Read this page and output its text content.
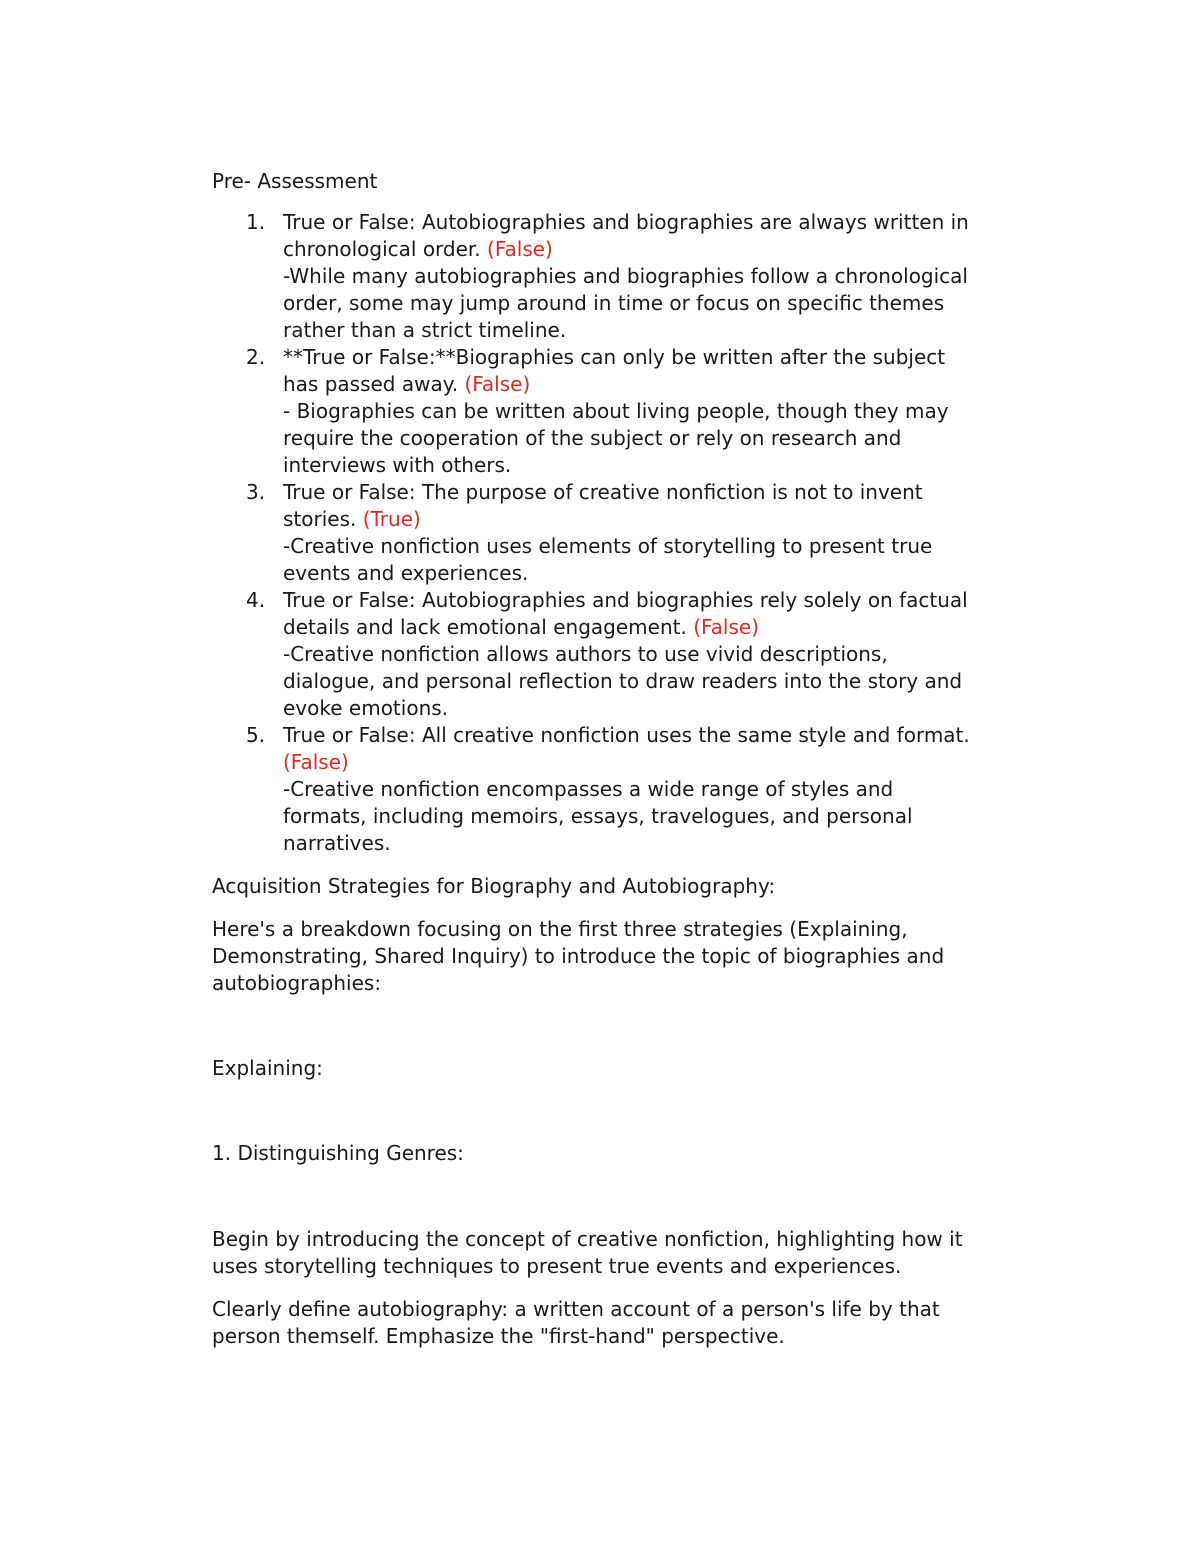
Pre- Assessment

1. True or False: Autobiographies and biographies are always written in

chronological order. (False)

-While many autobiographies and biographies follow a chronological

order, some may jump around in time or focus on specific themes

rather than a strict timeline.

2. **True or False:**Biographies can only be written after the subject

has passed away. (False)

- Biographies can be written about living people, though they may

require the cooperation of the subject or rely on research and

interviews with others.

3. True or False: The purpose of creative nonfiction is not to invent

stories. (True)

-Creative nonfiction uses elements of storytelling to present true

events and experiences.

4. True or False: Autobiographies and biographies rely solely on factual

details and lack emotional engagement. (False)

-Creative nonfiction allows authors to use vivid descriptions,

dialogue, and personal reflection to draw readers into the story and

evoke emotions.

5. True or False: All creative nonfiction uses the same style and format.

(False)

-Creative nonfiction encompasses a wide range of styles and

formats, including memoirs, essays, travelogues, and personal

narratives.

Acquisition Strategies for Biography and Autobiography:

Here's a breakdown focusing on the first three strategies (Explaining,

Demonstrating, Shared Inquiry) to introduce the topic of biographies and

autobiographies:

Explaining:

1. Distinguishing Genres:

Begin by introducing the concept of creative nonfiction, highlighting how it

uses storytelling techniques to present true events and experiences.

Clearly define autobiography: a written account of a person's life by that

person themself. Emphasize the "first-hand" perspective.
